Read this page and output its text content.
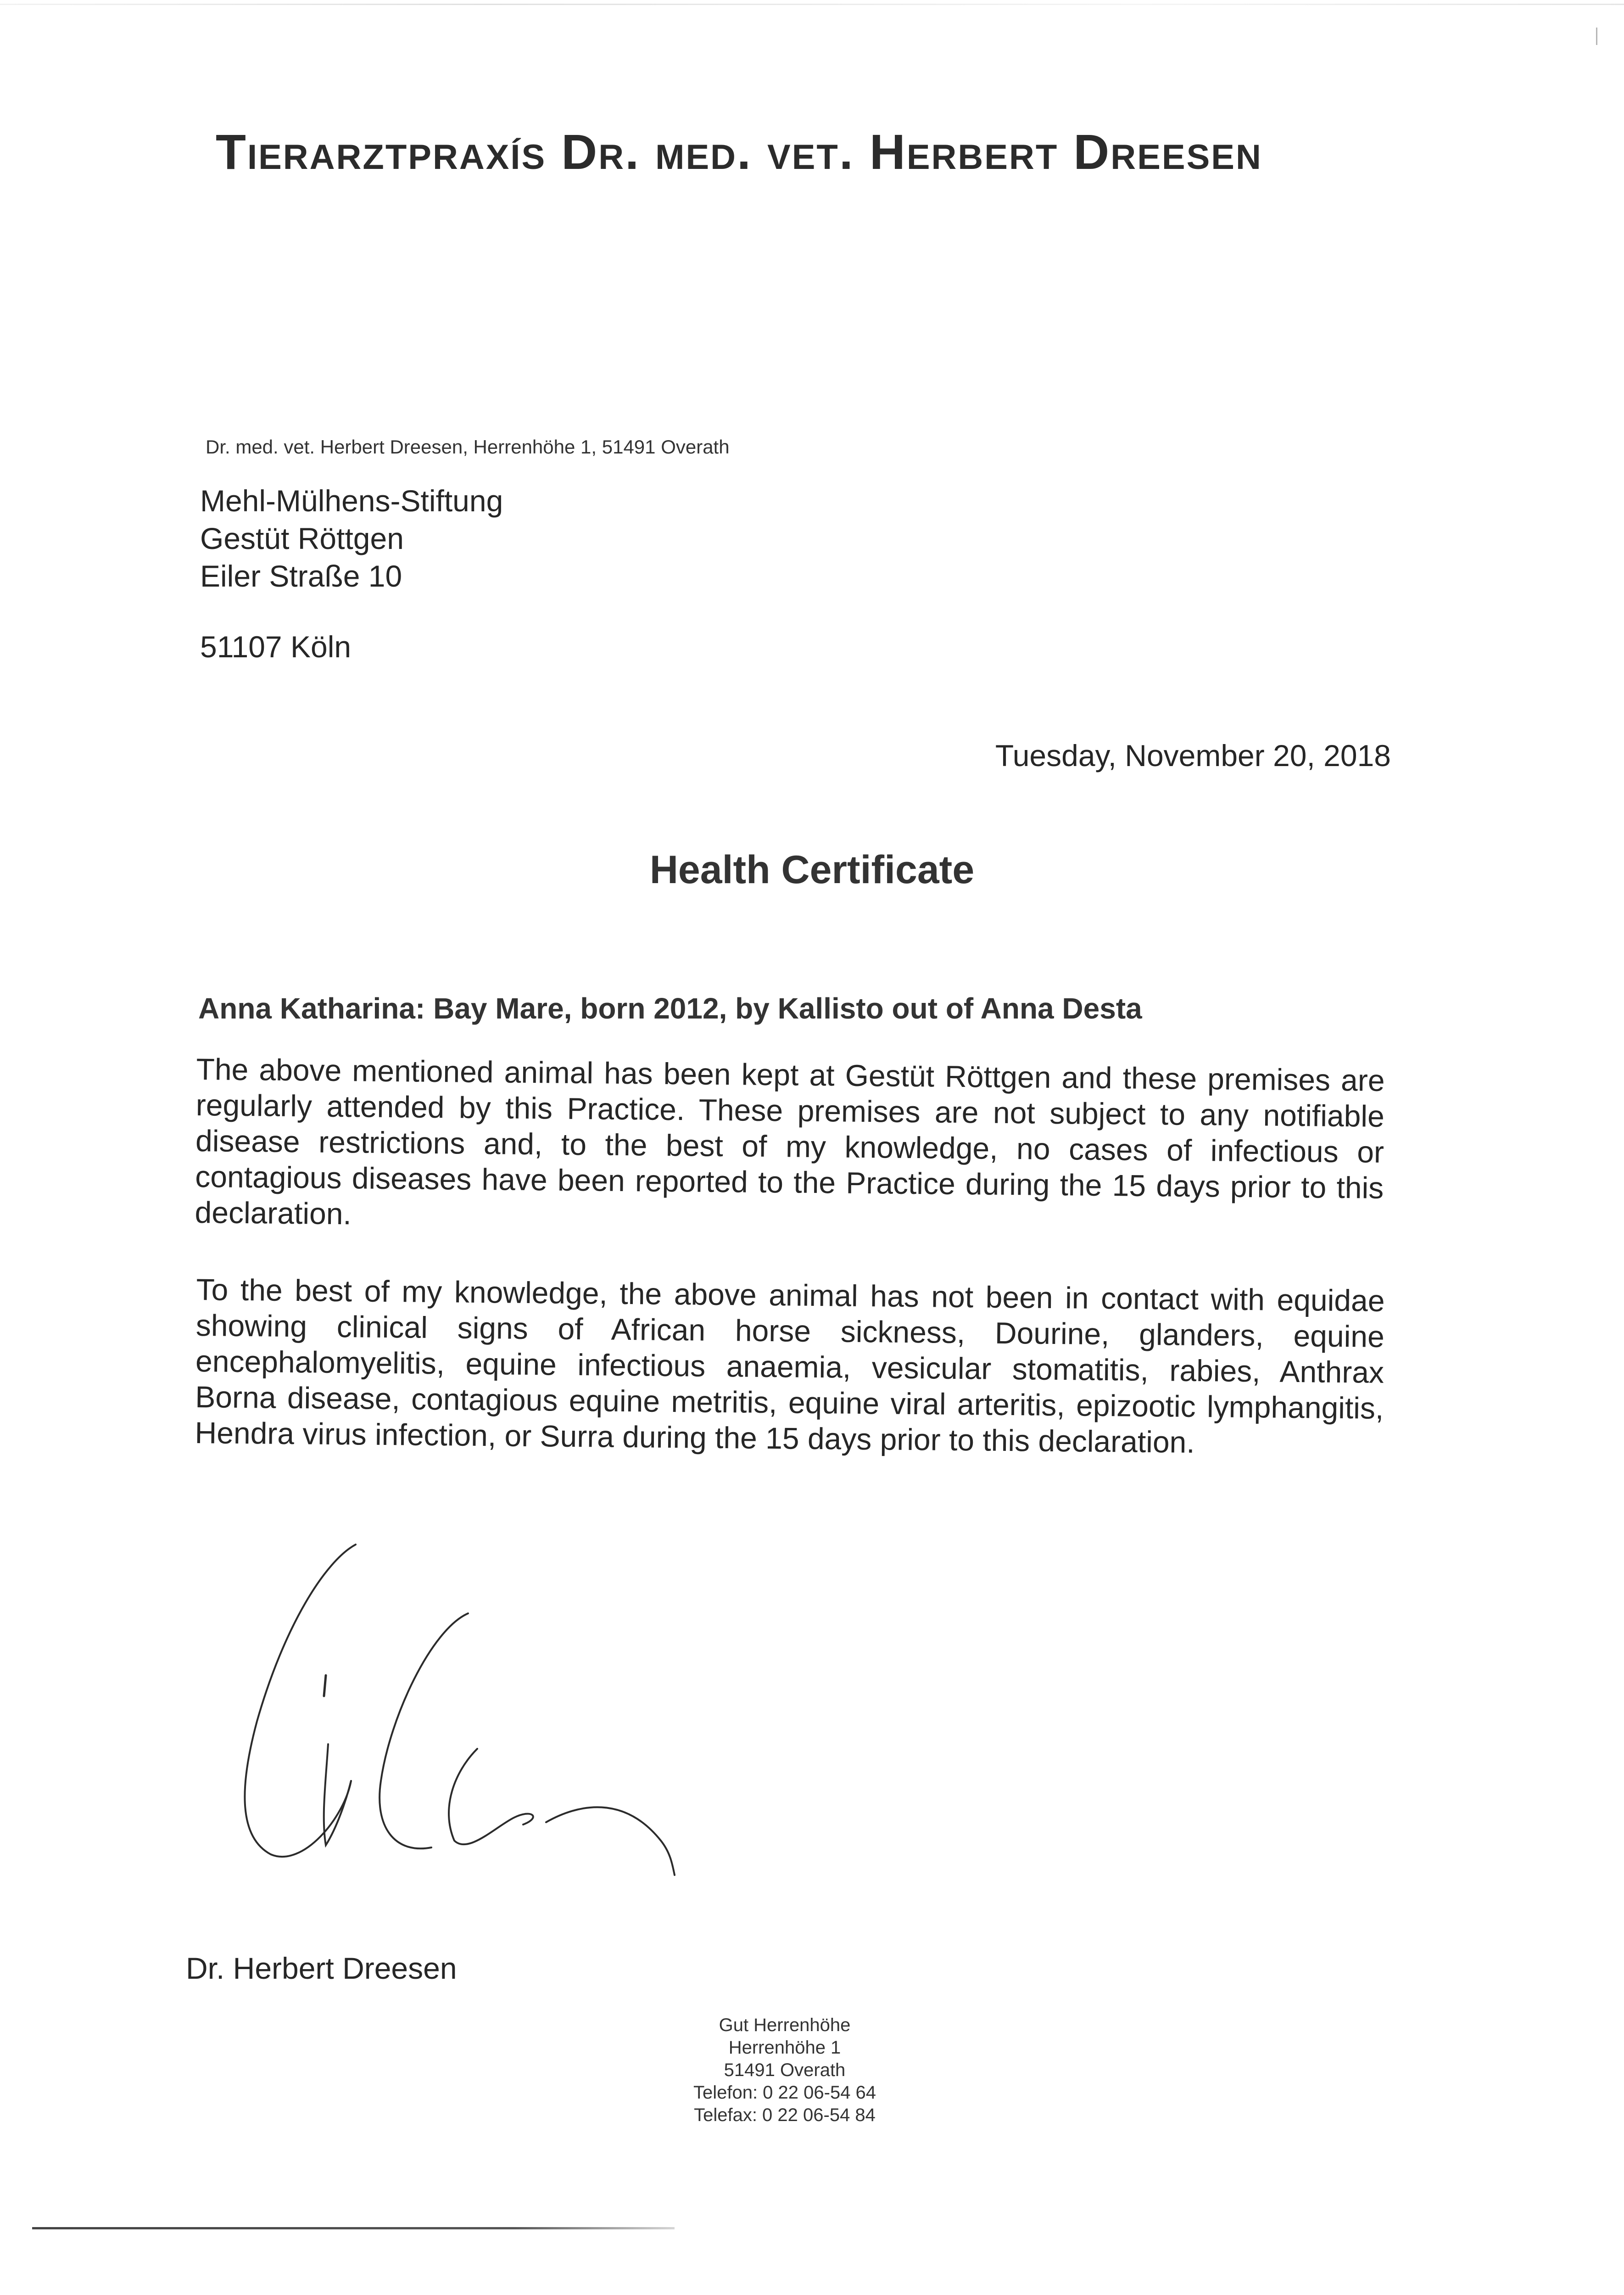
Tierarztpraxís Dr. med. vet. Herbert Dreesen
Dr. med. vet. Herbert Dreesen, Herrenhöhe 1, 51491 Overath
Mehl-Mülhens-Stiftung
Gestüt Röttgen
Eiler Straße 10
51107 Köln
Tuesday, November 20, 2018
Health Certificate
Anna Katharina: Bay Mare, born 2012, by Kallisto out of Anna Desta
The above mentioned animal has been kept at Gestüt Röttgen and these premises are regularly attended by this Practice. These premises are not subject to any notifiable disease restrictions and, to the best of my knowledge, no cases of infectious or contagious diseases have been reported to the Practice during the 15 days prior to this declaration.
To the best of my knowledge, the above animal has not been in contact with equidae showing clinical signs of African horse sickness, Dourine, glanders, equine encephalomyelitis, equine infectious anaemia, vesicular stomatitis, rabies, Anthrax Borna disease, contagious equine metritis, equine viral arteritis, epizootic lymphangitis, Hendra virus infection, or Surra during the 15 days prior to this declaration.
Dr. Herbert Dreesen
Gut Herrenhöhe
Herrenhöhe 1
51491 Overath
Telefon: 0 22 06-54 64
Telefax: 0 22 06-54 84
